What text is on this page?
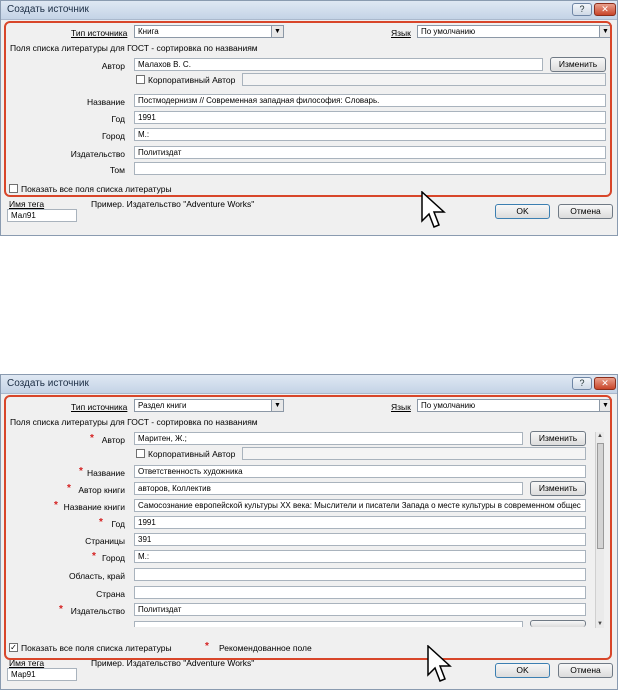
Создать источник	?	✕
Тип источника	Книга	▼	Язык	По умолчанию	▼
Поля списка литературы для ГОСТ - сортировка по названиям
Автор	Малахов В. С.	Изменить
Корпоративный Автор
Название	Постмодернизм // Современная западная философия: Словарь.
Год	1991
Город	М.:
Издательство	Политиздат
Том
Показать все поля списка литературы
Имя тега	Пример. Издательство "Adventure Works"
Мал91	OK	Отмена
Создать источник	?	✕
Тип источника	Раздел книги	▼	Язык	По умолчанию	▼
Поля списка литературы для ГОСТ - сортировка по названиям
* Автор	Маритен, Ж.;	Изменить
Корпоративный Автор
* Название	Ответственность художника
* Автор книги	авторов, Коллектив	Изменить
* Название книги	Самосознание европейской культуры XX века: Мыслители и писатели Запада о месте культуры в современном общес
* Год	1991
Страницы	391
* Город	М.:
Область, край
Страна
* Издательство	Политиздат
▲
▼
✓ Показать все поля списка литературы	* Рекомендованное поле
Имя тега	Пример. Издательство "Adventure Works"
Мар91	OK	Отмена
